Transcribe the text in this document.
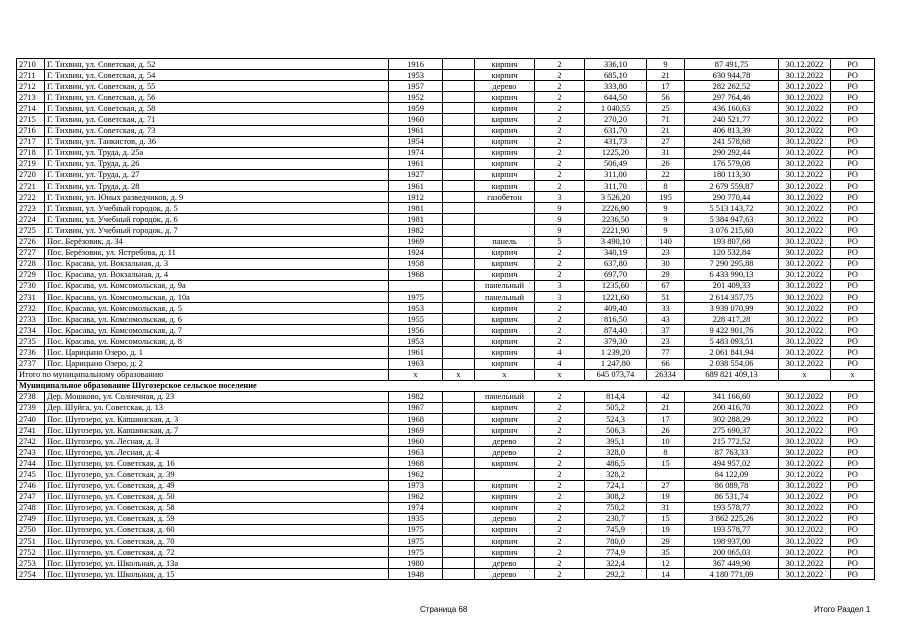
2710	Г. Тихвин, ул. Советская, д. 52	1916		кирпич	2	336,10	9	87 491,75	30.12.2022	РО
2711	Г. Тихвин, ул. Советская, д. 54	1953		кирпич	2	685,10	21	630 944,78	30.12.2022	РО
2712	Г. Тихвин, ул. Советская, д. 55	1957		дерево	2	333,80	17	282 262,52	30.12.2022	РО
2713	Г. Тихвин, ул. Советская, д. 56	1952		кирпич	2	644,50	56	297 764,46	30.12.2022	РО
2714	Г. Тихвин, ул. Советская, д. 58	1959		кирпич	2	1 040,55	25	436 160,63	30.12.2022	РО
2715	Г. Тихвин, ул. Советская, д. 71	1960		кирпич	2	270,20	71	240 521,77	30.12.2022	РО
2716	Г. Тихвин, ул. Советская, д. 73	1961		кирпич	2	631,70	21	406 813,39	30.12.2022	РО
2717	Г. Тихвин, ул. Танкистов, д. 36	1954		кирпич	2	431,73	27	241 578,68	30.12.2022	РО
2718	Г. Тихвин, ул. Труда, д. 25а	1974		кирпич	2	1225,20	31	290 292,44	30.12.2022	РО
2719	Г. Тихвин, ул. Труда, д. 26	1961		кирпич	2	506,49	26	176 579,08	30.12.2022	РО
2720	Г. Тихвин, ул. Труда, д. 27	1927		кирпич	2	311,00	22	180 113,30	30.12.2022	РО
2721	Г. Тихвин, ул. Труда, д. 28	1961		кирпич	2	311,70	8	2 679 559,87	30.12.2022	РО
2722	Г. Тихвин, ул. Юных разведчиков, д. 9	1912		газобетон	3	3 526,20	195	290 770,44	30.12.2022	РО
2723	Г. Тихвин, ул. Учебный городок, д. 5	1981			9	2226,90	9	5 513 143,72	30.12.2022	РО
2724	Г. Тихвин, ул. Учебный городок, д. 6	1981			9	2236,50	9	5 384 947,63	30.12.2022	РО
2725	Г. Тихвин, ул. Учебный городок, д. 7	1982			9	2221,90	9	3 076 215,60	30.12.2022	РО
2726	Пос. Берёзовик, д. 34	1969		панель	5	3 490,10	140	193 807,68	30.12.2022	РО
2727	Пос. Берёзовик, ул. Ястребова, д. 11	1924		кирпич	2	340,19	23	120 532,84	30.12.2022	РО
2728	Пос. Красава, ул. Вокзальная, д. 3	1958		кирпич	2	637,80	30	7 290 295,88	30.12.2022	РО
2729	Пос. Красава, ул. Вокзальная, д. 4	1968		кирпич	2	697,70	29	6 433 990,13	30.12.2022	РО
2730	Пос. Красава, ул. Комсомольская, д. 9а			панельный	3	1235,60	67	201 409,33	30.12.2022	РО
2731	Пос. Красава, ул. Комсомольская, д. 10а	1975		панельный	3	1221,60	51	2 614 357,75	30.12.2022	РО
2732	Пос. Красава, ул. Комсомольская, д. 5	1953		кирпич	2	409,40	33	3 939 070,99	30.12.2022	РО
2733	Пос. Красава, ул. Комсомольская, д. 6	1955		кирпич	2	816,50	43	228 417,28	30.12.2022	РО
2734	Пос. Красава, ул. Комсомольская, д. 7	1956		кирпич	2	874,40	37	9 422 901,76	30.12.2022	РО
2735	Пос. Красава, ул. Комсомольская, д. 8	1953		кирпич	2	379,30	23	5 483 093,51	30.12.2022	РО
2736	Пос. Царицыно Озеро, д. 1	1961		кирпич	4	1 239,20	77	2 061 841,94	30.12.2022	РО
2737	Пос. Царицыно Озеро, д. 2	1963		кирпич	4	1 247,80	66	2 038 554,06	30.12.2022	РО
Итого по муниципальному образованию		x	x	x	x	645 073,74	26334	689 821 409,13	x	x
Муниципальное образование Шугозерское сельское поселение										
2738	Дер. Мошково, ул. Солнечная, д. 23	1982		панельный	2	814,4	42	341 166,60	30.12.2022	РО
2739	Дер. Шуйга, ул. Советская, д. 13	1967		кирпич	2	505,2	21	200 416,70	30.12.2022	РО
2740	Пос. Шугозеро, ул. Капшинская, д. 3	1968		кирпич	2	524,3	17	302 288,29	30.12.2022	РО
2741	Пос. Шугозеро, ул. Капшинская, д. 7	1969		кирпич	2	506,3	26	275 690,37	30.12.2022	РО
2742	Пос. Шугозеро, ул. Лесная, д. 3	1960		дерево	2	395,1	10	215 772,52	30.12.2022	РО
2743	Пос. Шугозеро, ул. Лесная, д. 4	1963		дерево	2	328,0	8	87 763,33	30.12.2022	РО
2744	Пос. Шугозеро, ул. Советская, д. 16	1968		кирпич	2	486,5	15	494 957,02	30.12.2022	РО
2745	Пос. Шугозеро, ул. Советская, д. 39	1962			2	328,2		84 122,09	30.12.2022	РО
2746	Пос. Шугозеро, ул. Советская, д. 49	1973		кирпич	2	724,1	27	86 089,78	30.12.2022	РО
2747	Пос. Шугозеро, ул. Советская, д. 50	1962		кирпич	2	308,2	19	86 531,74	30.12.2022	РО
2748	Пос. Шугозеро, ул. Советская, д. 58	1974		кирпич	2	750,2	31	193 578,77	30.12.2022	РО
2749	Пос. Шугозеро, ул. Советская, д. 59	1935		дерево	2	230,7	15	3 862 225,26	30.12.2022	РО
2750	Пос. Шугозеро, ул. Советская, д. 60	1975		кирпич	2	745,9	19	193 578,77	30.12.2022	РО
2751	Пос. Шугозеро, ул. Советская, д. 70	1975		кирпич	2	780,0	29	198 937,00	30.12.2022	РО
2752	Пос. Шугозеро, ул. Советская, д. 72	1975		кирпич	2	774,9	35	200 065,03	30.12.2022	РО
2753	Пос. Шугозеро, ул. Школьная, д. 13а	1980		дерево	2	322,4	12	367 449,90	30.12.2022	РО
2754	Пос. Шугозеро, ул. Школьная, д. 15	1948		дерево	2	292,2	14	4 180 771,09	30.12.2022	РО
Страница 68	Итого Раздел 1
